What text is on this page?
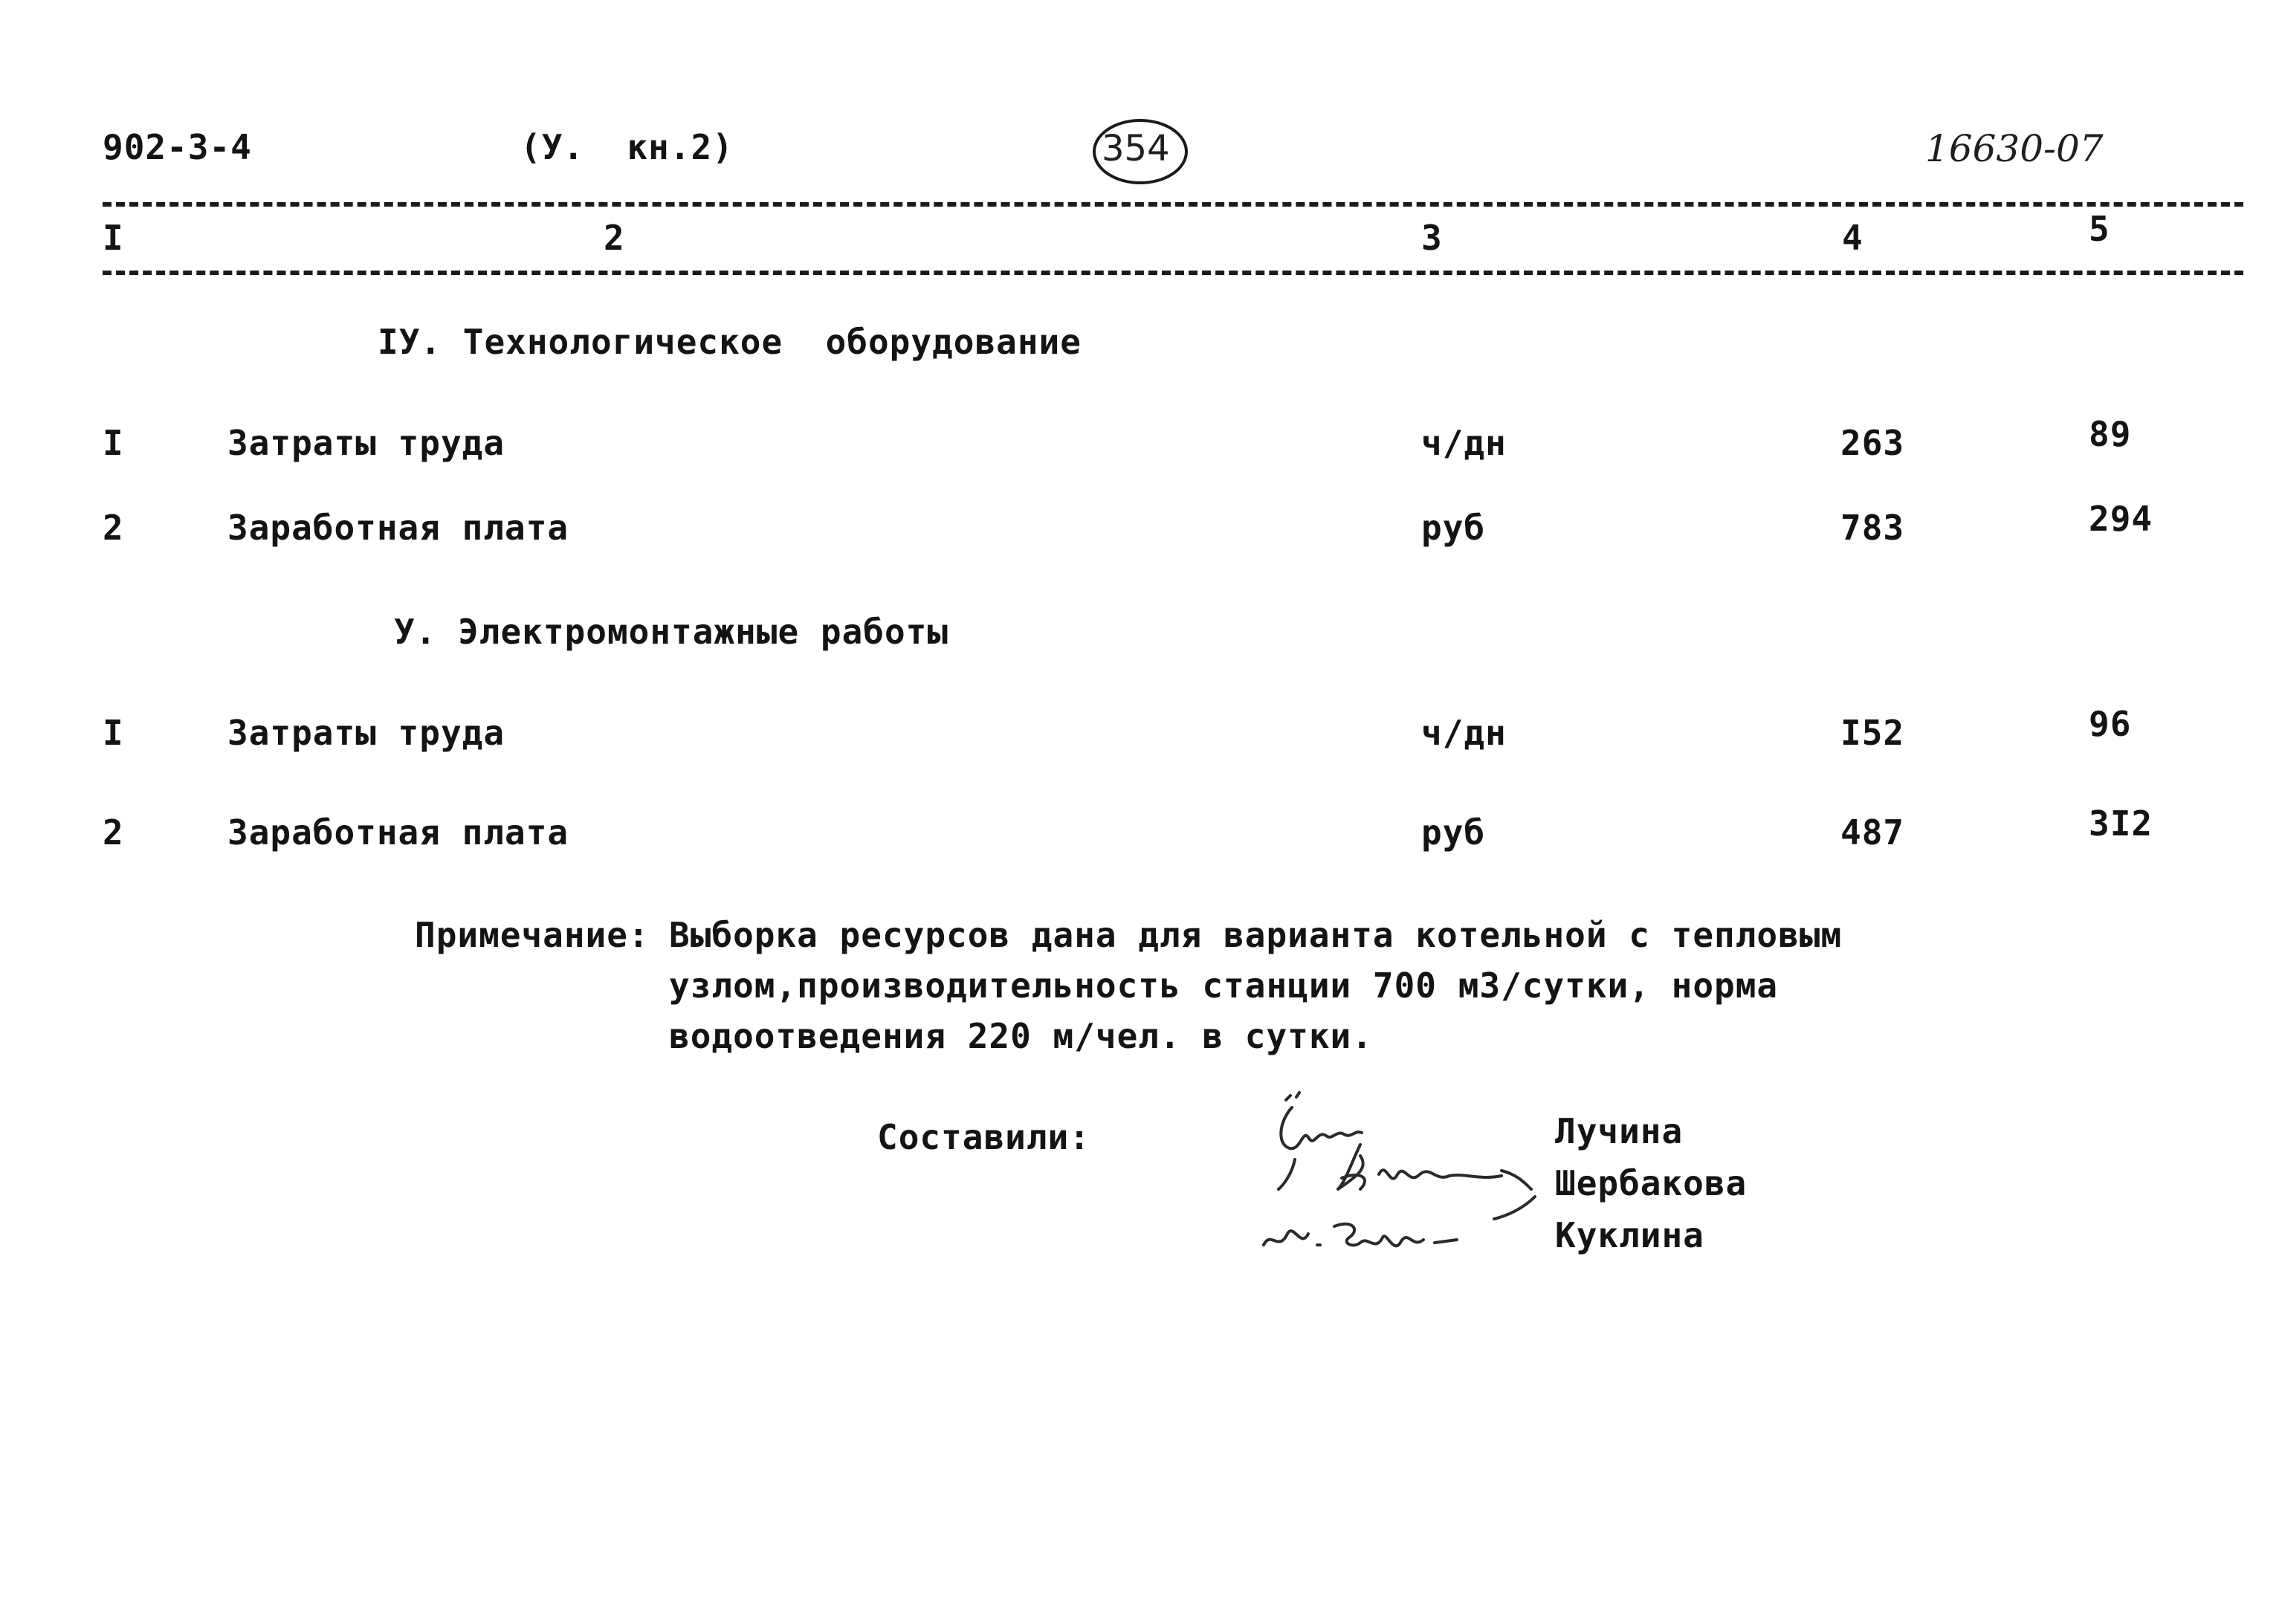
902-3-4	(У.  кн.2)	354	16630-07
I	2	3	4	5
IУ. Технологическое  оборудование
I	Затраты труда	ч/дн	263	89
2	Заработная плата	руб	783	294
У. Электромонтажные работы
I	Затраты труда	ч/дн	I52	96
2	Заработная плата	руб	487	3I2
Примечание: Выборка ресурсов дана для варианта котельной с тепловым
узлом,производительность станции 700 м3/сутки, норма
водоотведения 220 м/чел. в сутки.
Составили:	Лучина
Шербакова
Куклина
